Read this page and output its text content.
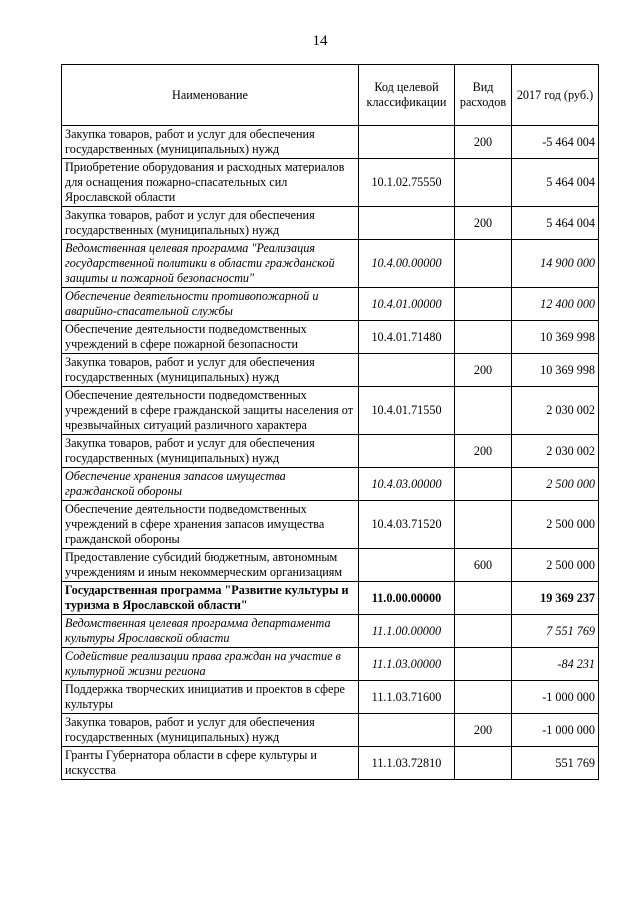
14
Наименование	Код целевой классификации	Вид расходов	2017 год (руб.)
Закупка товаров, работ и услуг для обеспечения государственных (муниципальных) нужд		200	-5 464 004
Приобретение оборудования и расходных материалов для оснащения пожарно-спасательных сил Ярославской области	10.1.02.75550		5 464 004
Закупка товаров, работ и услуг для обеспечения государственных (муниципальных) нужд		200	5 464 004
Ведомственная целевая программа "Реализация государственной политики в области гражданской защиты и пожарной безопасности"	10.4.00.00000		14 900 000
Обеспечение деятельности противопожарной и аварийно-спасательной службы	10.4.01.00000		12 400 000
Обеспечение деятельности подведомственных учреждений в сфере пожарной безопасности	10.4.01.71480		10 369 998
Закупка товаров, работ и услуг для обеспечения государственных (муниципальных) нужд		200	10 369 998
Обеспечение деятельности подведомственных учреждений в сфере гражданской защиты населения от чрезвычайных ситуаций различного характера	10.4.01.71550		2 030 002
Закупка товаров, работ и услуг для обеспечения государственных (муниципальных) нужд		200	2 030 002
Обеспечение хранения запасов имущества гражданской обороны	10.4.03.00000		2 500 000
Обеспечение деятельности подведомственных учреждений в сфере хранения запасов имущества гражданской обороны	10.4.03.71520		2 500 000
Предоставление субсидий бюджетным, автономным учреждениям и иным некоммерческим организациям		600	2 500 000
Государственная программа "Развитие культуры и туризма в Ярославской области"	11.0.00.00000		19 369 237
Ведомственная целевая программа департамента культуры Ярославской области	11.1.00.00000		7 551 769
Содействие реализации права граждан на участие в культурной жизни региона	11.1.03.00000		-84 231
Поддержка творческих инициатив и проектов в сфере культуры	11.1.03.71600		-1 000 000
Закупка товаров, работ и услуг для обеспечения государственных (муниципальных) нужд		200	-1 000 000
Гранты Губернатора области в сфере культуры и искусства	11.1.03.72810		551 769
